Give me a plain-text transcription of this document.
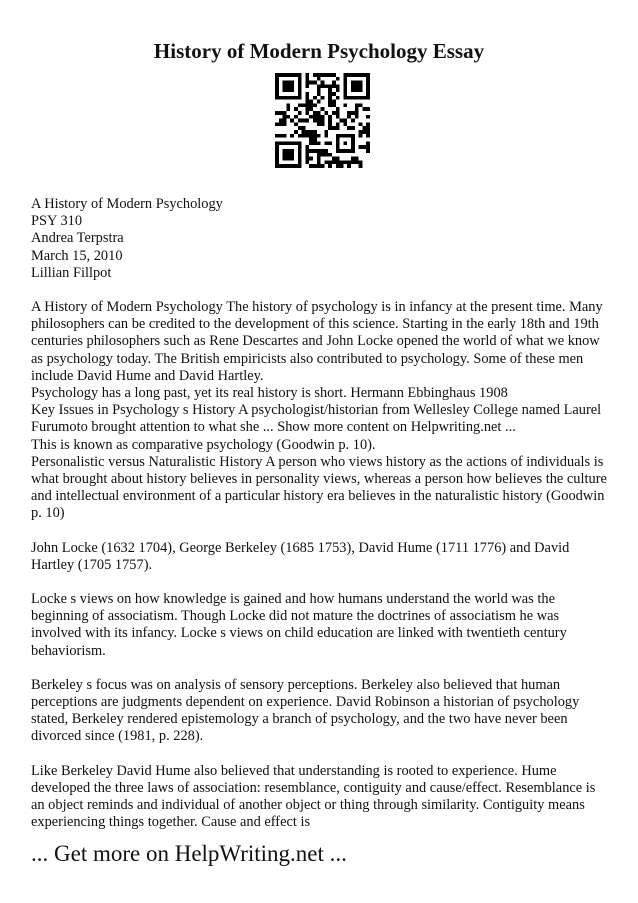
History of Modern Psychology Essay
A History of Modern Psychology
PSY 310
Andrea Terpstra
March 15, 2010
Lillian Fillpot

A History of Modern Psychology The history of psychology is in infancy at the present time. Many philosophers can be credited to the development of this science. Starting in the early 18th and 19th centuries philosophers such as Rene Descartes and John Locke opened the world of what we know as psychology today. The British empiricists also contributed to psychology. Some of these men include David Hume and David Hartley.

Psychology has a long past, yet its real history is short. Hermann Ebbinghaus 1908

Key Issues in Psychology s History A psychologist/historian from Wellesley College named Laurel Furumoto brought attention to what she ... Show more content on Helpwriting.net ...

This is known as comparative psychology (Goodwin p. 10).

Personalistic versus Naturalistic History A person who views history as the actions of individuals is what brought about history believes in personality views, whereas a person how believes the culture and intellectual environment of a particular history era believes in the naturalistic history (Goodwin p. 10)

John Locke (1632 1704), George Berkeley (1685 1753), David Hume (1711 1776) and David Hartley (1705 1757).

Locke s views on how knowledge is gained and how humans understand the world was the beginning of associatism. Though Locke did not mature the doctrines of associatism he was involved with its infancy. Locke s views on child education are linked with twentieth century behaviorism.

Berkeley s focus was on analysis of sensory perceptions. Berkeley also believed that human perceptions are judgments dependent on experience. David Robinson a historian of psychology stated, Berkeley rendered epistemology a branch of psychology, and the two have never been divorced since (1981, p. 228).

Like Berkeley David Hume also believed that understanding is rooted to experience. Hume developed the three laws of association: resemblance, contiguity and cause/effect. Resemblance is an object reminds and individual of another object or thing through similarity. Contiguity means experiencing things together. Cause and effect is

... Get more on HelpWriting.net ...
